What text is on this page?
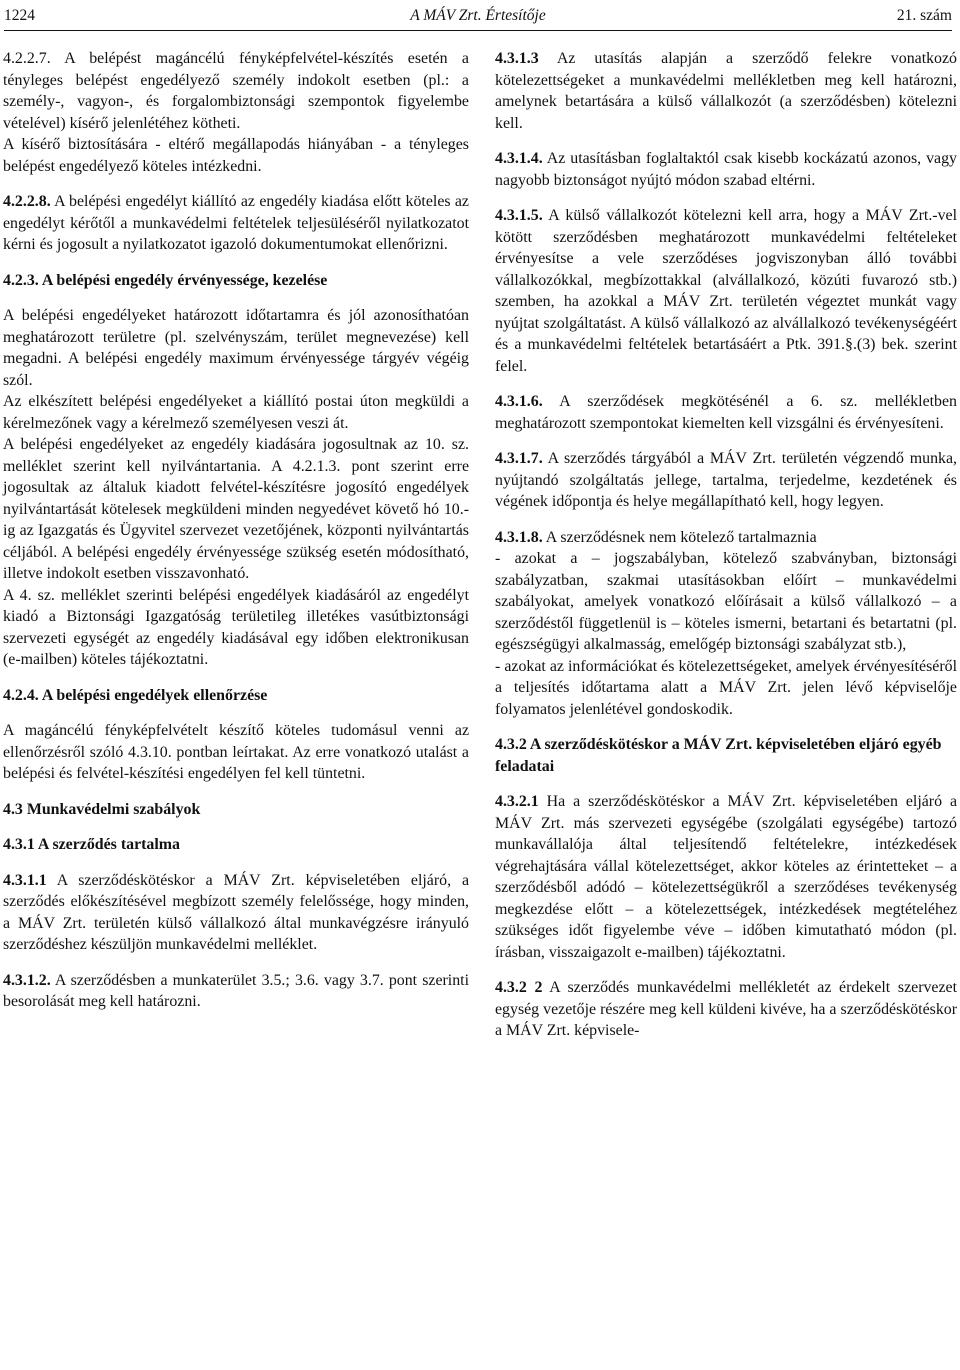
1224	A MÁV Zrt. Értesítője	21. szám

4.2.2.7. A belépést magáncélú fényképfelvétel-készítés esetén a tényleges belépést engedélyező személy indokolt esetben (pl.: a személy-, vagyon-, és forgalombiztonsági szempontok figyelembe vételével) kísérő jelenlétéhez kötheti.

A kísérő biztosítására - eltérő megállapodás hiányában - a tényleges belépést engedélyező köteles intézkedni.

4.2.2.8. A belépési engedélyt kiállító az engedély kiadása előtt köteles az engedélyt kérőtől a munkavédelmi feltételek teljesüléséről nyilatkozatot kérni és jogosult a nyilatkozatot igazoló dokumentumokat ellenőrizni.

4.2.3. A belépési engedély érvényessége, kezelése

A belépési engedélyeket határozott időtartamra és jól azonosíthatóan meghatározott területre (pl. szelvényszám, terület megnevezése) kell megadni. A belépési engedély maximum érvényessége tárgyév végéig szól.

Az elkészített belépési engedélyeket a kiállító postai úton megküldi a kérelmezőnek vagy a kérelmező személyesen veszi át.

A belépési engedélyeket az engedély kiadására jogosultnak az 10. sz. melléklet szerint kell nyilvántartania. A 4.2.1.3. pont szerint erre jogosultak az általuk kiadott felvétel-készítésre jogosító engedélyek nyilvántartását kötelesek megküldeni minden negyedévet követő hó 10.-ig az Igazgatás és Ügyvitel szervezet vezetőjének, központi nyilvántartás céljából. A belépési engedély érvényessége szükség esetén módosítható, illetve indokolt esetben visszavonható.

A 4. sz. melléklet szerinti belépési engedélyek kiadásáról az engedélyt kiadó a Biztonsági Igazgatóság területileg illetékes vasútbiztonsági szervezeti egységét az engedély kiadásával egy időben elektronikusan (e-mailben) köteles tájékoztatni.

4.2.4. A belépési engedélyek ellenőrzése

A magáncélú fényképfelvételt készítő köteles tudomásul venni az ellenőrzésről szóló 4.3.10. pontban leírtakat. Az erre vonatkozó utalást a belépési és felvétel-készítési engedélyen fel kell tüntetni.

4.3 Munkavédelmi szabályok
4.3.1 A szerződés tartalma

4.3.1.1 A szerződéskötéskor a MÁV Zrt. képviseletében eljáró, a szerződés előkészítésével megbízott személy felelőssége, hogy minden, a MÁV Zrt. területén külső vállalkozó által munkavégzésre irányuló szerződéshez készüljön munkavédelmi melléklet.

4.3.1.2. A szerződésben a munkaterület 3.5.; 3.6. vagy 3.7. pont szerinti besorolását meg kell határozni.

4.3.1.3 Az utasítás alapján a szerződő felekre vonatkozó kötelezettségeket a munkavédelmi mellékletben meg kell határozni, amelynek betartására a külső vállalkozót (a szerződésben) kötelezni kell.

4.3.1.4. Az utasításban foglaltaktól csak kisebb kockázatú azonos, vagy nagyobb biztonságot nyújtó módon szabad eltérni.

4.3.1.5. A külső vállalkozót kötelezni kell arra, hogy a MÁV Zrt.-vel kötött szerződésben meghatározott munkavédelmi feltételeket érvényesítse a vele szerződéses jogviszonyban álló további vállalkozókkal, megbízottakkal (alvállalkozó, közúti fuvarozó stb.) szemben, ha azokkal a MÁV Zrt. területén végeztet munkát vagy nyújtat szolgáltatást. A külső vállalkozó az alvállalkozó tevékenységéért és a munkavédelmi feltételek betartásáért a Ptk. 391.§.(3) bek. szerint felel.

4.3.1.6. A szerződések megkötésénél a 6. sz. mellékletben meghatározott szempontokat kiemelten kell vizsgálni és érvényesíteni.

4.3.1.7. A szerződés tárgyából a MÁV Zrt. területén végzendő munka, nyújtandó szolgáltatás jellege, tartalma, terjedelme, kezdetének és végének időpontja és helye megállapítható kell, hogy legyen.

4.3.1.8. A szerződésnek nem kötelező tartalmaznia

- azokat a – jogszabályban, kötelező szabványban, biztonsági szabályzatban, szakmai utasításokban előírt – munkavédelmi szabályokat, amelyek vonatkozó előírásait a külső vállalkozó – a szerződéstől függetlenül is – köteles ismerni, betartani és betartatni (pl. egészségügyi alkalmasság, emelőgép biztonsági szabályzat stb.),

- azokat az információkat és kötelezettségeket, amelyek érvényesítéséről a teljesítés időtartama alatt a MÁV Zrt. jelen lévő képviselője folyamatos jelenlétével gondoskodik.

4.3.2 A szerződéskötéskor a MÁV Zrt. képviseletében eljáró egyéb feladatai

4.3.2.1 Ha a szerződéskötéskor a MÁV Zrt. képviseletében eljáró a MÁV Zrt. más szervezeti egységébe (szolgálati egységébe) tartozó munkavállalója által teljesítendő feltételekre, intézkedések végrehajtására vállal kötelezettséget, akkor köteles az érintetteket – a szerződésből adódó – kötelezettségükről a szerződéses tevékenység megkezdése előtt – a kötelezettségek, intézkedések megtételéhez szükséges időt figyelembe véve – időben kimutatható módon (pl. írásban, visszaigazolt e-mailben) tájékoztatni.

4.3.2 2 A szerződés munkavédelmi mellékletét az érdekelt szervezet egység vezetője részére meg kell küldeni kivéve, ha a szerződéskötéskor a MÁV Zrt. képvisele-
